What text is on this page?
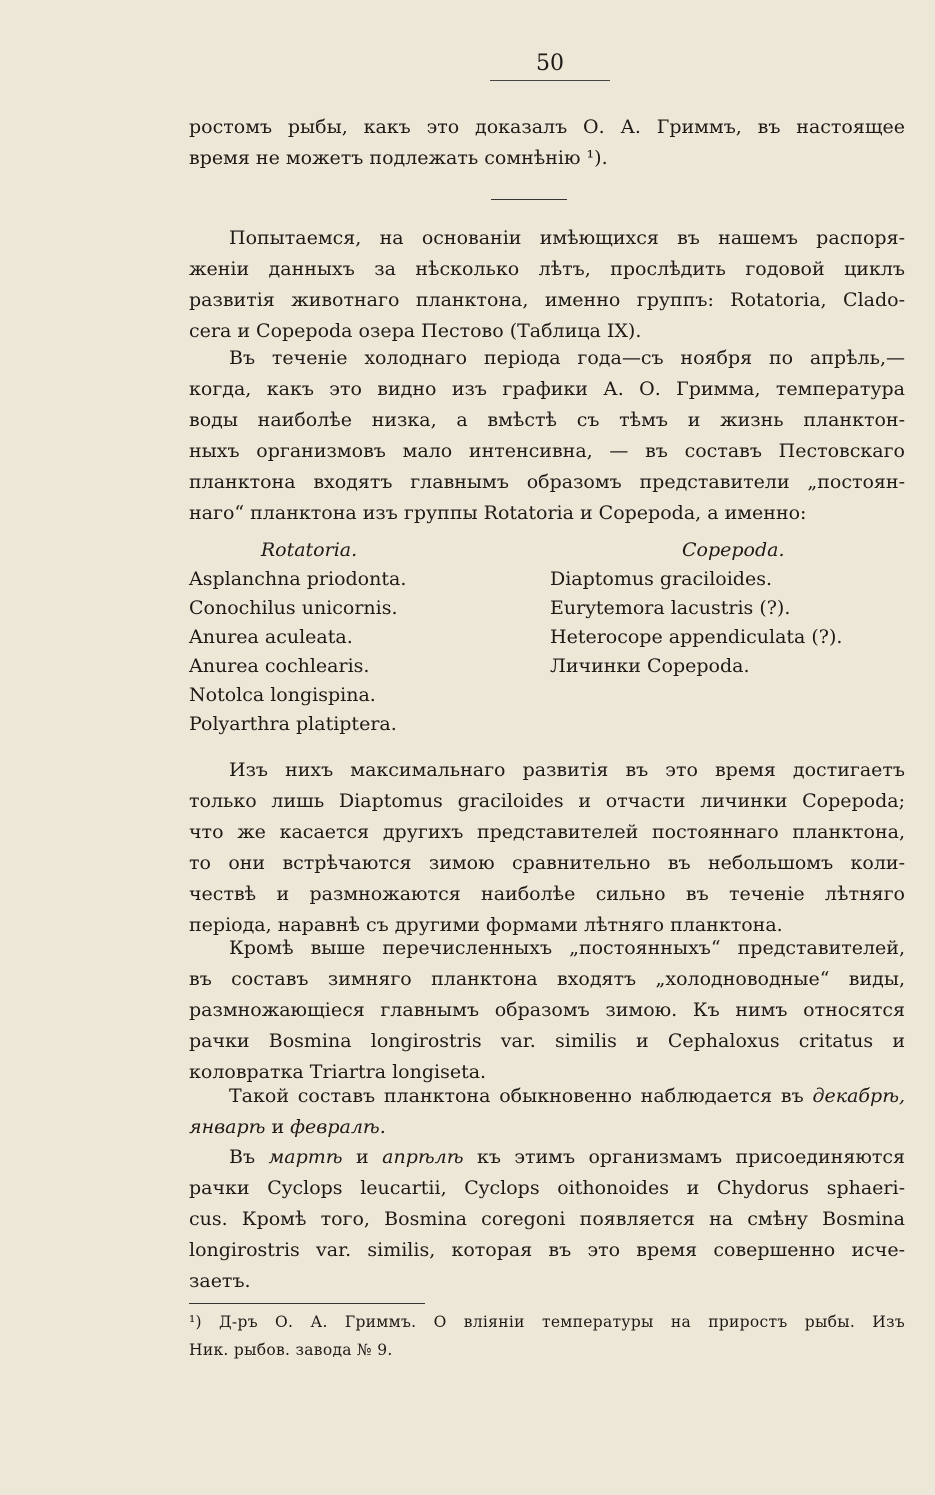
50
ростомъ рыбы, какъ это доказалъ О. А. Гриммъ, въ настоящее
время не можетъ подлежать сомнѣнію ¹).
Попытаемся, на основаніи имѣющихся въ нашемъ распоря-
женіи данныхъ за нѣсколько лѣтъ, прослѣдить годовой циклъ
развитія животнаго планктона, именно группъ: Rotatoria, Clado-
cera и Copepoda озера Пестово (Таблица IX).
Въ теченіе холоднаго періода года—съ ноября по апрѣль,—
когда, какъ это видно изъ графики А. О. Гримма, температура
воды наиболѣе низка, а вмѣстѣ съ тѣмъ и жизнь планктон-
ныхъ организмовъ мало интенсивна, — въ составъ Пестовскаго
планктона входятъ главнымъ образомъ представители „постоян-
наго“ планктона изъ группы Rotatoria и Copepoda, а именно:
Rotatoria.
Asplanchna priodonta.
Conochilus unicornis.
Anurea aculeata.
Anurea cochlearis.
Notolca longispina.
Polyarthra platiptera.
Copepoda.
Diaptomus graciloides.
Eurytemora lacustris (?).
Heterocope appendiculata (?).
Личинки Copepoda.
Изъ нихъ максимальнаго развитія въ это время достигаетъ
только лишь Diaptomus graciloides и отчасти личинки Copepoda;
что же касается другихъ представителей постояннаго планктона,
то они встрѣчаются зимою сравнительно въ небольшомъ коли-
чествѣ и размножаются наиболѣе сильно въ теченіе лѣтняго
періода, наравнѣ съ другими формами лѣтняго планктона.
Кромѣ выше перечисленныхъ „постоянныхъ“ представителей,
въ составъ зимняго планктона входятъ „холодноводные“ виды,
размножающіеся главнымъ образомъ зимою. Къ нимъ относятся
рачки Bosmina longirostris var. similis и Cephaloxus critatus и
коловратка Triartra longiseta.
Такой составъ планктона обыкновенно наблюдается въ декабрѣ,
январѣ и февралѣ.
Въ мартѣ и апрѣлѣ къ этимъ организмамъ присоединяются
рачки Cyclops leucartii, Cyclops oithonoides и Chydorus sphaeri-
cus. Кромѣ того, Bosmina coregoni появляется на смѣну Bosmina
longirostris var. similis, которая въ это время совершенно исче-
заетъ.
¹) Д-ръ О. А. Гриммъ. О вліяніи температуры на приростъ рыбы. Изъ
Ник. рыбов. завода № 9.
